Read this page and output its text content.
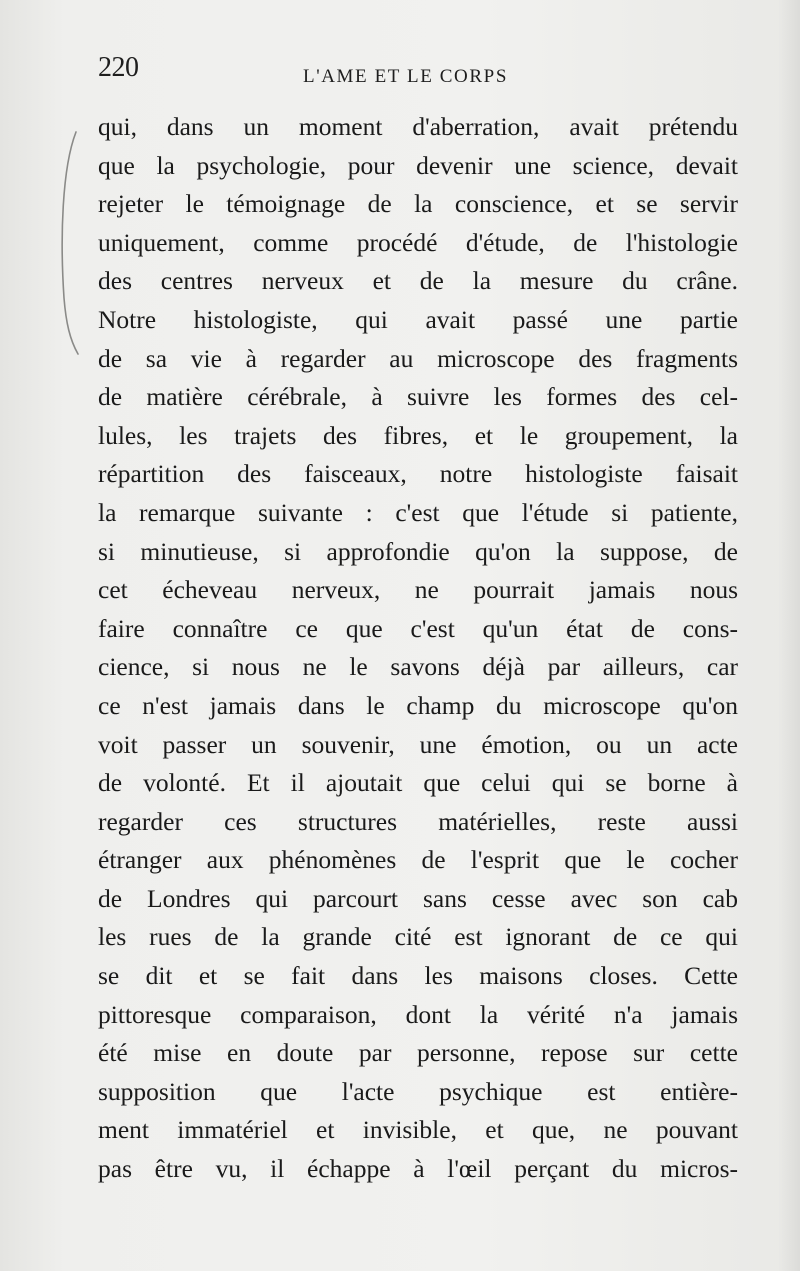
220	L'AME ET LE CORPS
qui, dans un moment d'aberration, avait prétendu
que la psychologie, pour devenir une science, devait
rejeter le témoignage de la conscience, et se servir
uniquement, comme procédé d'étude, de l'histologie
des centres nerveux et de la mesure du crâne.
Notre histologiste, qui avait passé une partie
de sa vie à regarder au microscope des fragments
de matière cérébrale, à suivre les formes des cel-
lules, les trajets des fibres, et le groupement, la
répartition des faisceaux, notre histologiste faisait
la remarque suivante : c'est que l'étude si patiente,
si minutieuse, si approfondie qu'on la suppose, de
cet écheveau nerveux, ne pourrait jamais nous
faire connaître ce que c'est qu'un état de cons-
cience, si nous ne le savons déjà par ailleurs, car
ce n'est jamais dans le champ du microscope qu'on
voit passer un souvenir, une émotion, ou un acte
de volonté. Et il ajoutait que celui qui se borne à
regarder ces structures matérielles, reste aussi
étranger aux phénomènes de l'esprit que le cocher
de Londres qui parcourt sans cesse avec son cab
les rues de la grande cité est ignorant de ce qui
se dit et se fait dans les maisons closes. Cette
pittoresque comparaison, dont la vérité n'a jamais
été mise en doute par personne, repose sur cette
supposition que l'acte psychique est entière-
ment immatériel et invisible, et que, ne pouvant
pas être vu, il échappe à l'œil perçant du micros-
